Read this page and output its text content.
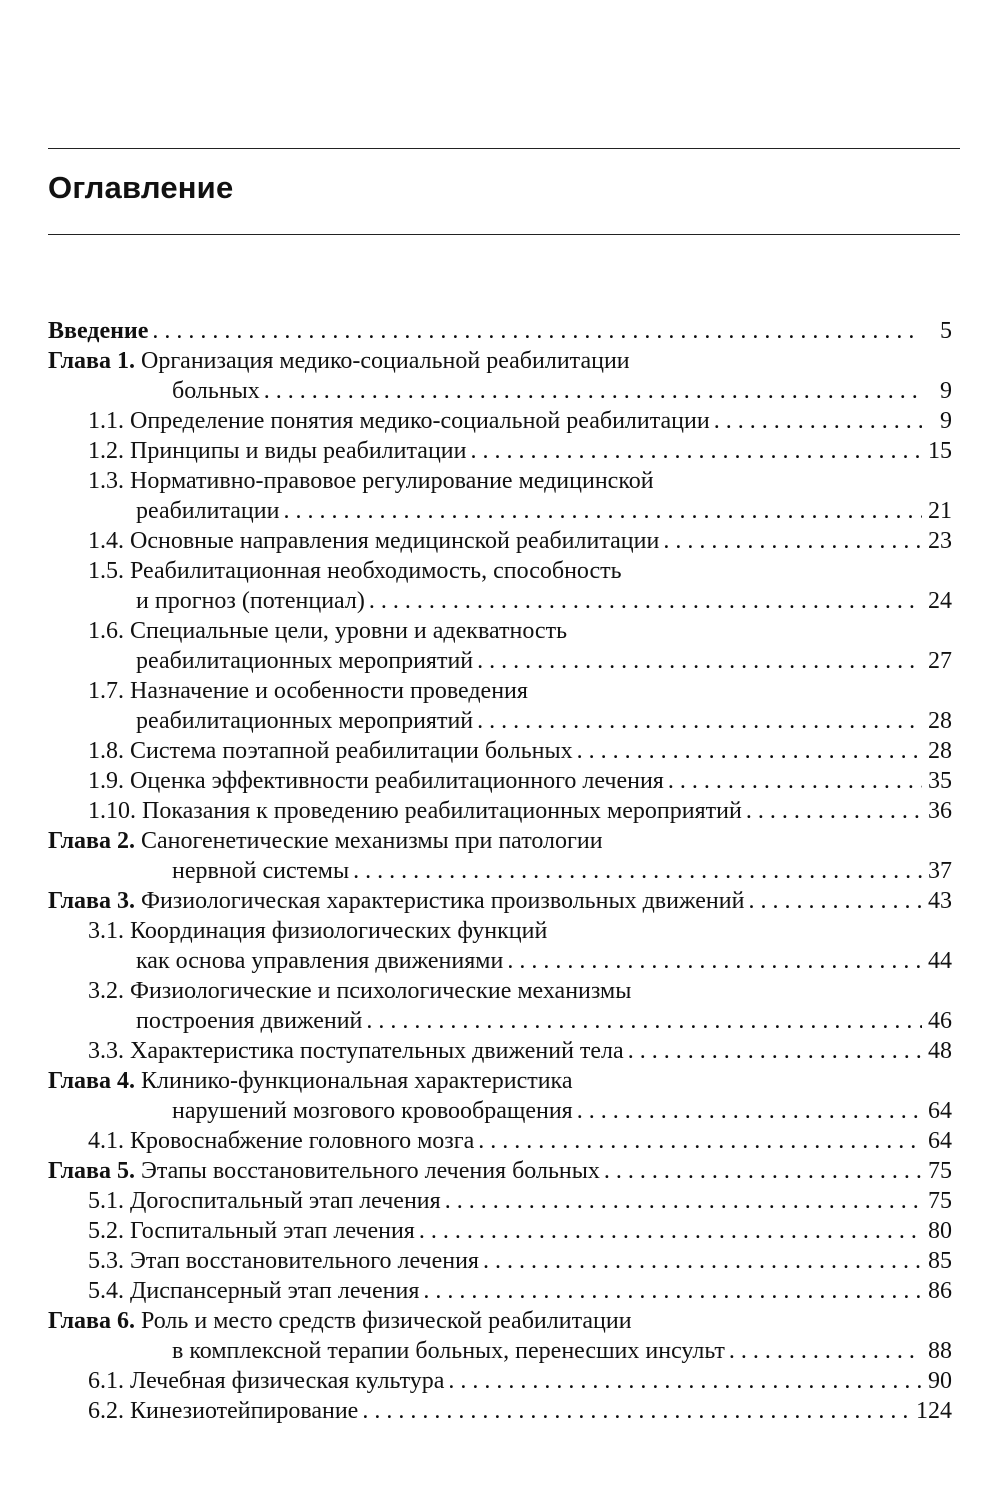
Оглавление
Введение . . .	5
Глава 1. Организация медико-социальной реабилитации
больных . . .	9
1.1. Определение понятия медико-социальной реабилитации . . .	9
1.2. Принципы и виды реабилитации . . .	15
1.3. Нормативно-правовое регулирование медицинской
реабилитации . . .	21
1.4. Основные направления медицинской реабилитации . . .	23
1.5. Реабилитационная необходимость, способность
и прогноз (потенциал) . . .	24
1.6. Специальные цели, уровни и адекватность
реабилитационных мероприятий . . .	27
1.7. Назначение и особенности проведения
реабилитационных мероприятий . . .	28
1.8. Система поэтапной реабилитации больных . . .	28
1.9. Оценка эффективности реабилитационного лечения . . .	35
1.10. Показания к проведению реабилитационных мероприятий . . .	36
Глава 2. Саногенетические механизмы при патологии
нервной системы . . .	37
Глава 3. Физиологическая характеристика произвольных движений . . .	43
3.1. Координация физиологических функций
как основа управления движениями . . .	44
3.2. Физиологические и психологические механизмы
построения движений . . .	46
3.3. Характеристика поступательных движений тела . . .	48
Глава 4. Клинико-функциональная характеристика
нарушений мозгового кровообращения . . .	64
4.1. Кровоснабжение головного мозга . . .	64
Глава 5. Этапы восстановительного лечения больных . . .	75
5.1. Догоспитальный этап лечения . . .	75
5.2. Госпитальный этап лечения . . .	80
5.3. Этап восстановительного лечения . . .	85
5.4. Диспансерный этап лечения . . .	86
Глава 6. Роль и место средств физической реабилитации
в комплексной терапии больных, перенесших инсульт . . .	88
6.1. Лечебная физическая культура . . .	90
6.2. Кинезиотейпирование . . .	124
